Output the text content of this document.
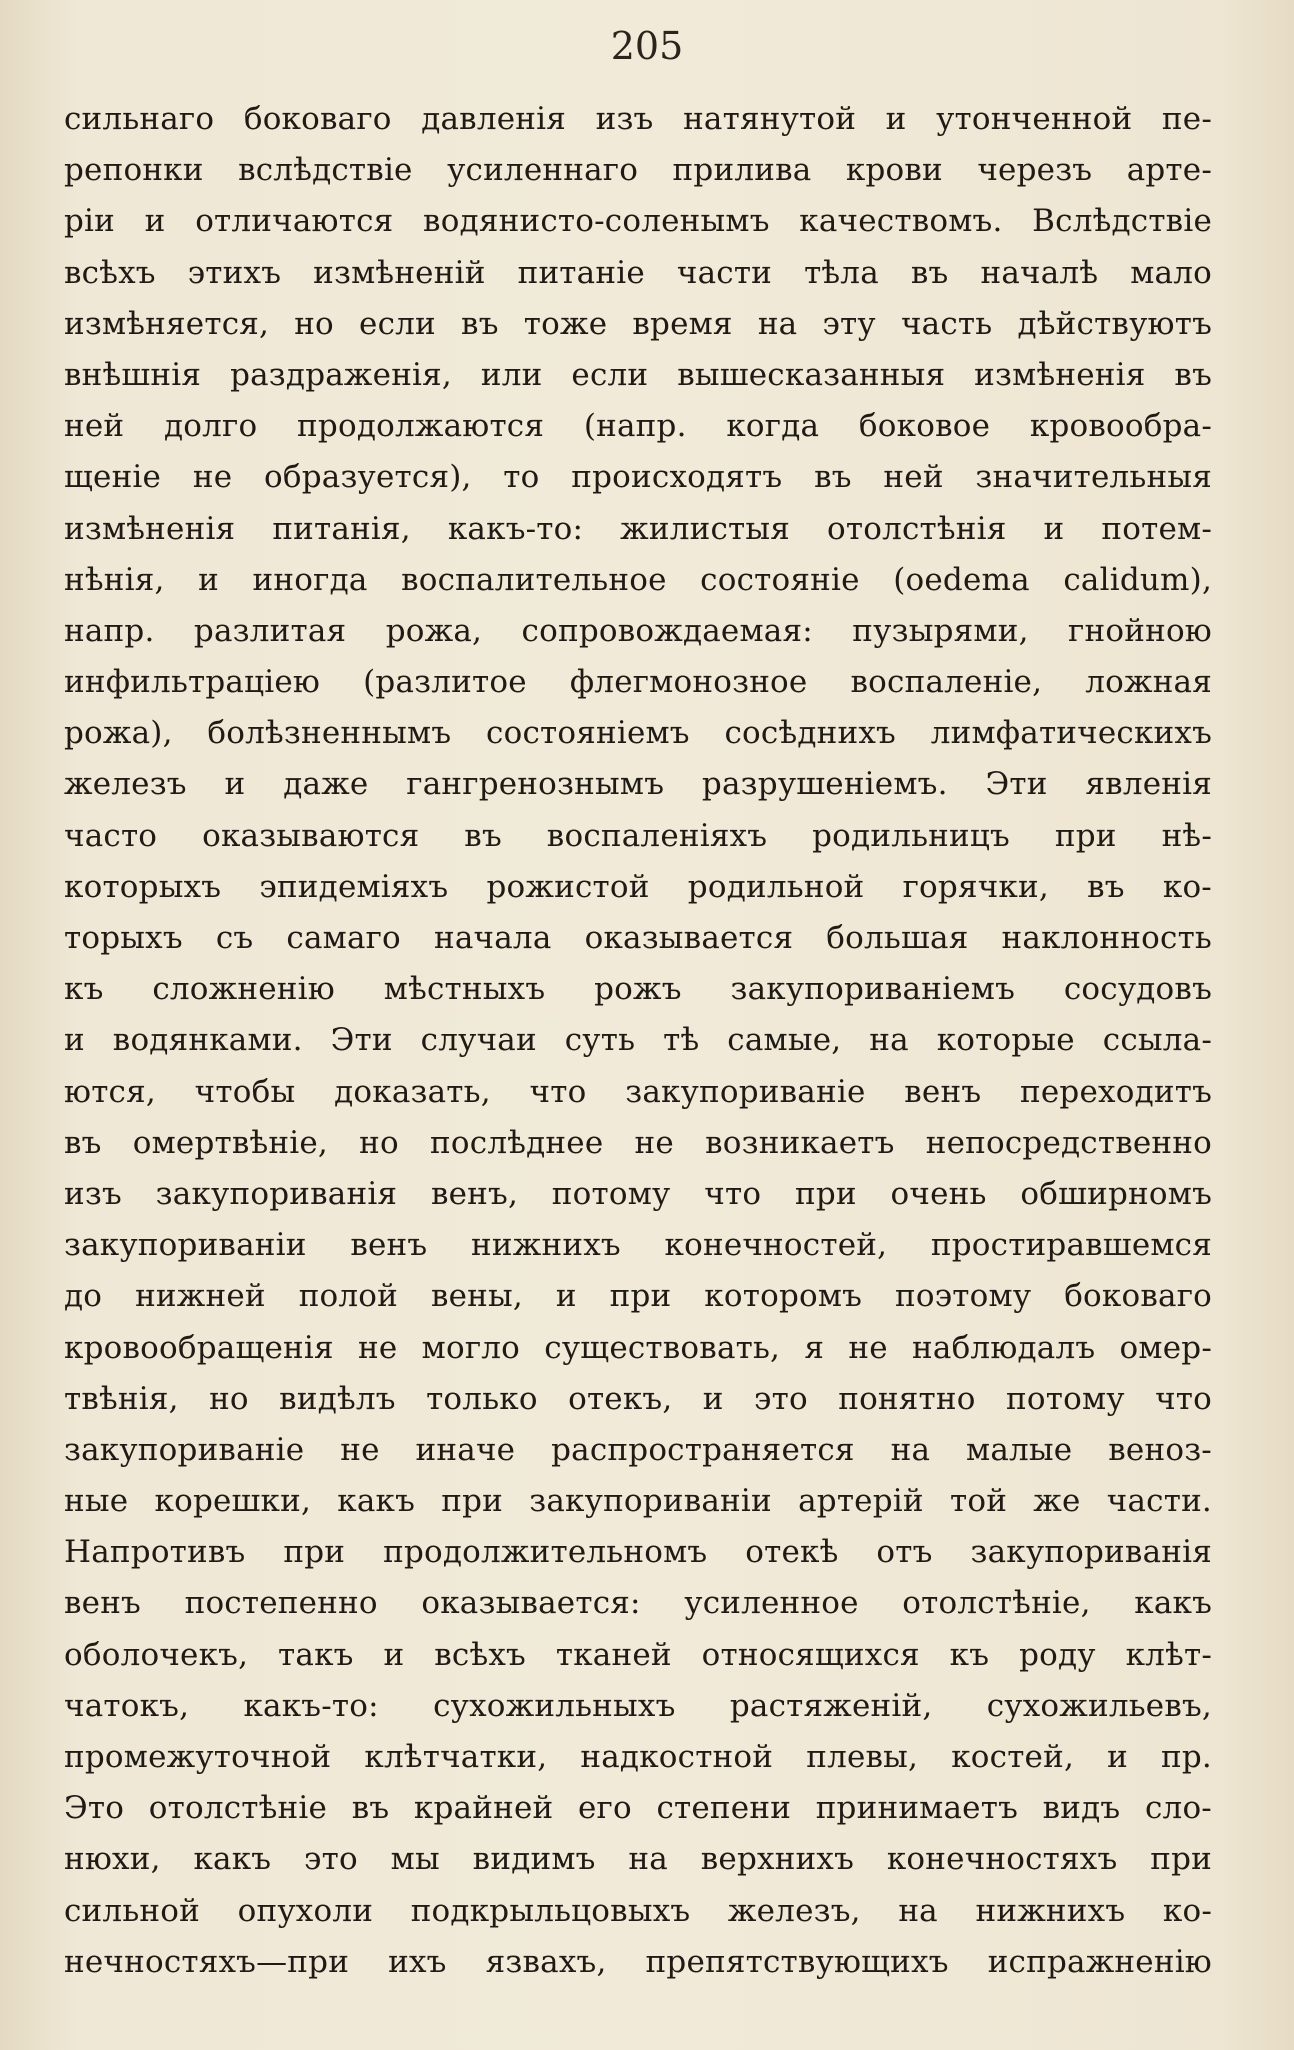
205
сильнаго боковаго давленія изъ натянутой и утонченной пе-
репонки вслѣдствіе усиленнаго прилива крови черезъ арте-
ріи и отличаются водянисто-соленымъ качествомъ. Вслѣдствіе
всѣхъ этихъ измѣненій питаніе части тѣла въ началѣ мало
измѣняется, но если въ тоже время на эту часть дѣйствуютъ
внѣшнія раздраженія, или если вышесказанныя измѣненія въ
ней долго продолжаются (напр. когда боковое кровообра-
щеніе не образуется), то происходятъ въ ней значительныя
измѣненія питанія, какъ-то: жилистыя отолстѣнія и потем-
нѣнія, и иногда воспалительное состояніе (oedema calidum),
напр. разлитая рожа, сопровождаемая: пузырями, гнойною
инфильтраціею (разлитое флегмонозное воспаленіе, ложная
рожа), болѣзненнымъ состояніемъ сосѣднихъ лимфатическихъ
железъ и даже гангренознымъ разрушеніемъ. Эти явленія
часто оказываются въ воспаленіяхъ родильницъ при нѣ-
которыхъ эпидеміяхъ рожистой родильной горячки, въ ко-
торыхъ съ самаго начала оказывается большая наклонность
къ сложненію мѣстныхъ рожъ закупориваніемъ сосудовъ
и водянками. Эти случаи суть тѣ самые, на которые ссыла-
ются, чтобы доказать, что закупориваніе венъ переходитъ
въ омертвѣніе, но послѣднее не возникаетъ непосредственно
изъ закупориванія венъ, потому что при очень обширномъ
закупориваніи венъ нижнихъ конечностей, простиравшемся
до нижней полой вены, и при которомъ поэтому боковаго
кровообращенія не могло существовать, я не наблюдалъ омер-
твѣнія, но видѣлъ только отекъ, и это понятно потому что
закупориваніе не иначе распространяется на малые венoз-
ные корешки, какъ при закупориваніи артерій той же части.
Напротивъ при продолжительномъ отекѣ отъ закупориванія
венъ постепенно оказывается: усиленное отолстѣніе, какъ
оболочекъ, такъ и всѣхъ тканей относящихся къ роду клѣт-
чатокъ, какъ-то: сухожильныхъ растяженій, сухожильевъ,
промежуточной клѣтчатки, надкостной плевы, костей, и пр.
Это отолстѣніе въ крайней его степени принимаетъ видъ сло-
нюхи, какъ это мы видимъ на верхнихъ конечностяхъ при
сильной опухоли подкрыльцовыхъ железъ, на нижнихъ ко-
нечностяхъ—при ихъ язвахъ, препятствующихъ испражненію
